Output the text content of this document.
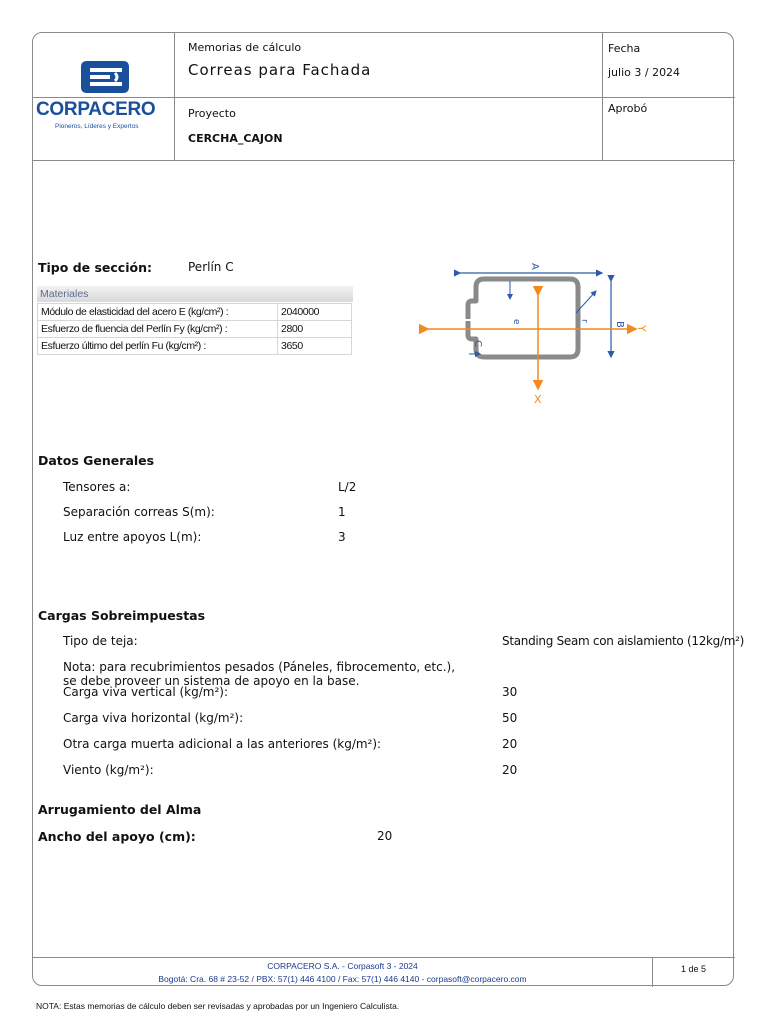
CORPACERO
Pioneros, Líderes y Expertos
Memorias de cálculo
Correas para Fachada
Fecha
julio 3 / 2024
Proyecto
CERCHA_CAJON
Aprobó
Tipo de sección:	Perlín C
Materiales
Módulo de elasticidad del acero E (kg/cm²) :	2040000
Esfuerzo de fluencia del Perlín Fy (kg/cm²) :	2800
Esfuerzo último del perlín Fu (kg/cm²) :	3650
A
B
C
e	r
X
Y
Datos Generales
Tensores a:	L/2
Separación correas S(m):	1
Luz entre apoyos L(m):	3
Cargas Sobreimpuestas
Tipo de teja:	Standing Seam con aislamiento (12kg/m²)
Nota: para recubrimientos pesados (Páneles, fibrocemento, etc.),
se debe proveer un sistema de apoyo en la base.
Carga viva vertical (kg/m²):	30
Carga viva horizontal (kg/m²):	50
Otra carga muerta adicional a las anteriores (kg/m²):	20
Viento (kg/m²):	20
Arrugamiento del Alma
Ancho del apoyo (cm):	20
CORPACERO S.A. - Corpasoft 3 - 2024
Bogotá: Cra. 68 # 23-52 / PBX: 57(1) 446 4100 / Fax: 57(1) 446 4140 - corpasoft@corpacero.com
1 de 5
NOTA: Estas memorias de cálculo deben ser revisadas y aprobadas por un Ingeniero Calculista.
